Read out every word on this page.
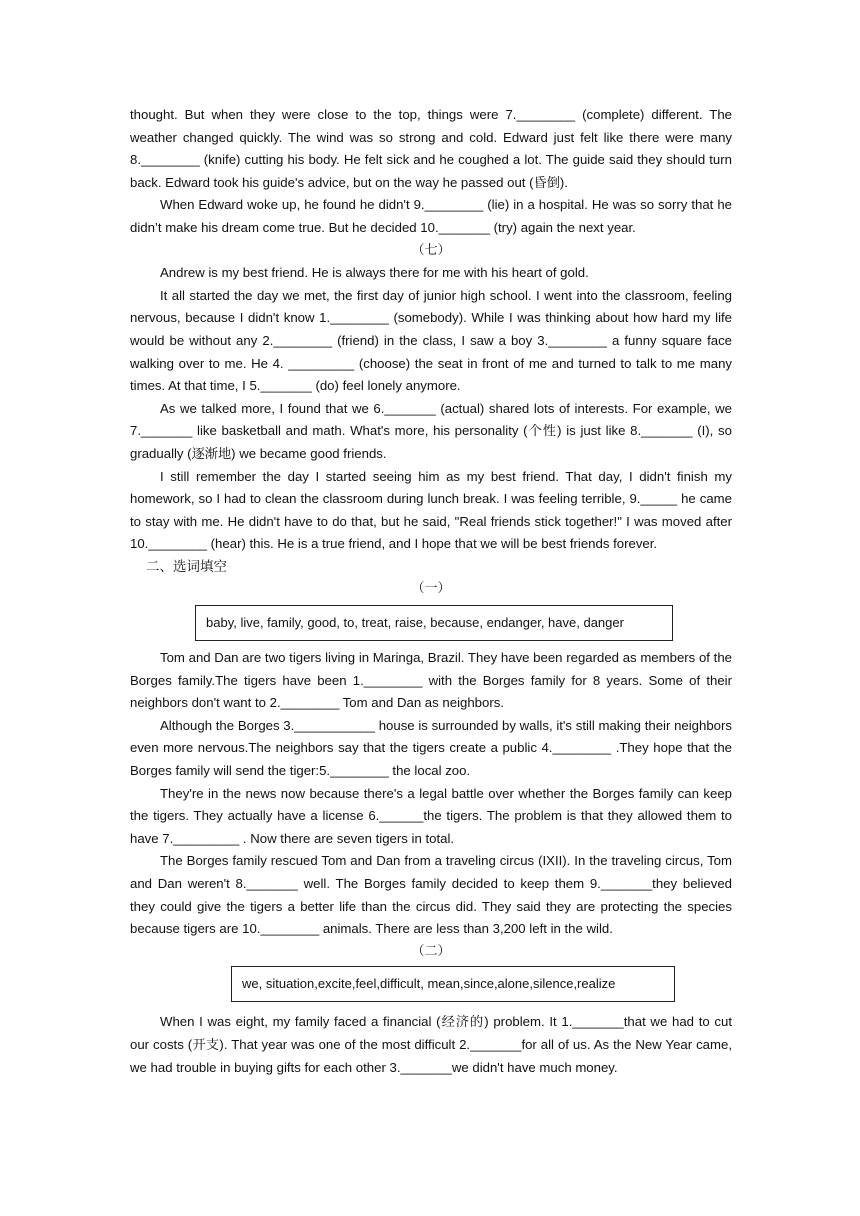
thought. But when they were close to the top, things were 7.________ (complete) different. The weather changed quickly. The wind was so strong and cold. Edward just felt like there were many 8.________ (knife) cutting his body. He felt sick and he coughed a lot. The guide said they should turn back. Edward took his guide's advice, but on the way he passed out (昏倒).

When Edward woke up, he found he didn't 9.________ (lie) in a hospital. He was so sorry that he didn’t make his dream come true. But he decided 10._______ (try) again the next year.

（七）

Andrew is my best friend. He is always there for me with his heart of gold.

It all started the day we met, the first day of junior high school. I went into the classroom, feeling nervous, because I didn't know 1.________ (somebody). While I was thinking about how hard my life would be without any 2.________ (friend) in the class, I saw a boy 3.________ a funny square face walking over to me. He 4. _________ (choose) the seat in front of me and turned to talk to me many times. At that time, I 5._______ (do) feel lonely anymore.

As we talked more, I found that we 6._______ (actual) shared lots of interests. For example, we 7._______ like basketball and math. What's more, his personality (个性) is just like 8._______ (I), so gradually (逐渐地) we became good friends.

I still remember the day I started seeing him as my best friend. That day, I didn't finish my homework, so I had to clean the classroom during lunch break. I was feeling terrible, 9._____ he came to stay with me. He didn't have to do that, but he said, "Real friends stick together!" I was moved after 10.________ (hear) this. He is a true friend, and I hope that we will be best friends forever.

二、选词填空

（一）

baby, live, family, good, to, treat, raise, because, endanger, have, danger

Tom and Dan are two tigers living in Maringa, Brazil. They have been regarded as members of the Borges family.The tigers have been 1.________ with the Borges family for 8 years. Some of their neighbors don't want to 2.________ Tom and Dan as neighbors.

Although the Borges 3.___________ house is surrounded by walls, it's still making their neighbors even more nervous.The neighbors say that the tigers create a public 4.________ .They hope that the Borges family will send the tiger:5.________ the local zoo.

They're in the news now because there's a legal battle over whether the Borges family can keep the tigers. They actually have a license 6.______the tigers. The problem is that they allowed them to have 7._________ . Now there are seven tigers in total.

The Borges family rescued Tom and Dan from a traveling circus (IXII). In the traveling circus, Tom and Dan weren't 8._______ well. The Borges family decided to keep them 9._______they believed they could give the tigers a better life than the circus did. They said they are protecting the species because tigers are 10.________ animals. There are less than 3,200 left in the wild.

（二）

we, situation,excite,feel,difficult, mean,since,alone,silence,realize

When I was eight, my family faced a financial (经济的) problem. It 1._______that we had to cut our costs (开支). That year was one of the most difficult 2._______for all of us. As the New Year came, we had trouble in buying gifts for each other 3._______we didn't have much money.
